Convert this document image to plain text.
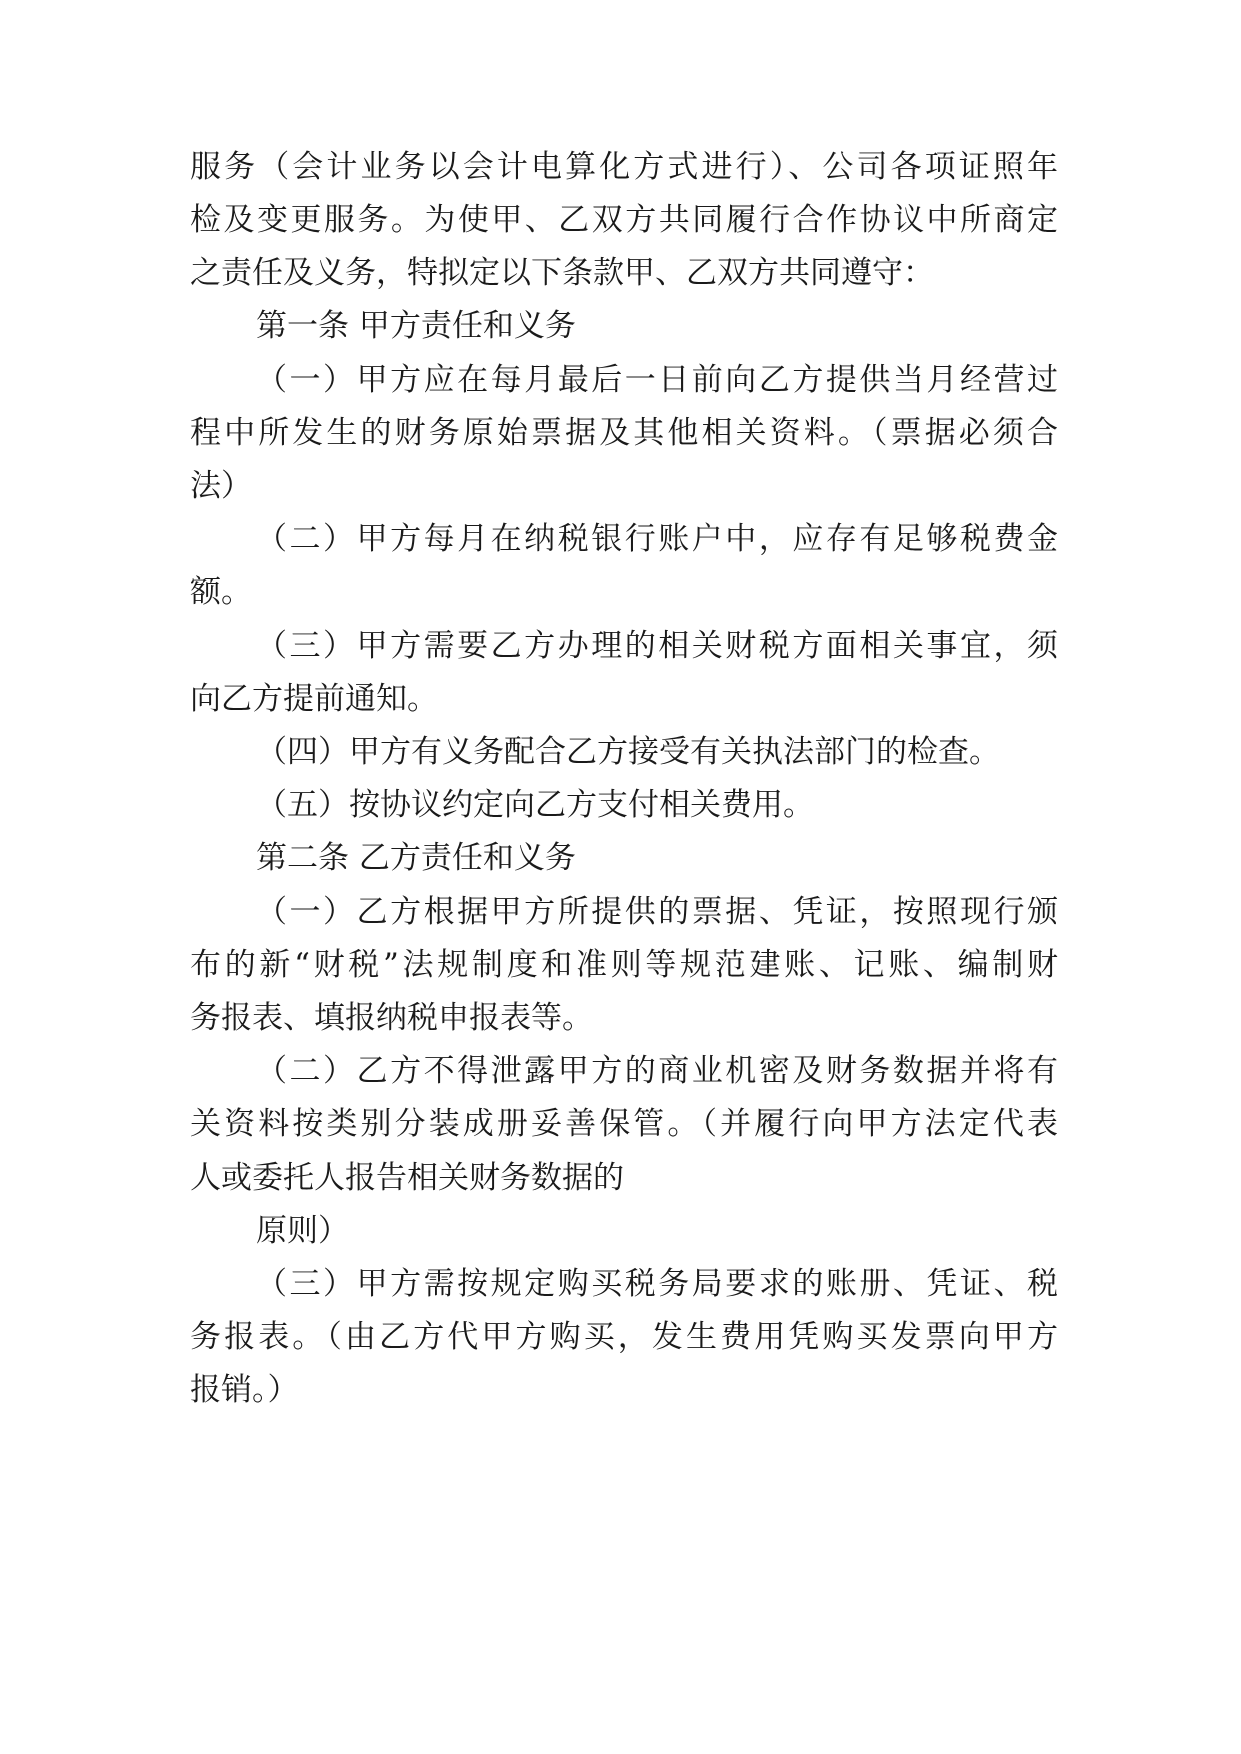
服务（会计业务以会计电算化方式进行）、公司各项证照年

检及变更服务。为使甲、乙双方共同履行合作协议中所商定

之责任及义务，特拟定以下条款甲、乙双方共同遵守：

第一条 甲方责任和义务

（一）甲方应在每月最后一日前向乙方提供当月经营过

程中所发生的财务原始票据及其他相关资料。（票据必须合

法）

（二）甲方每月在纳税银行账户中，应存有足够税费金

额。

（三）甲方需要乙方办理的相关财税方面相关事宜，须

向乙方提前通知。

（四）甲方有义务配合乙方接受有关执法部门的检查。

（五）按协议约定向乙方支付相关费用。

第二条 乙方责任和义务

（一）乙方根据甲方所提供的票据、凭证，按照现行颁

布的新“财税”法规制度和准则等规范建账、记账、编制财

务报表、填报纳税申报表等。

（二）乙方不得泄露甲方的商业机密及财务数据并将有

关资料按类别分装成册妥善保管。（并履行向甲方法定代表

人或委托人报告相关财务数据的

原则）

（三）甲方需按规定购买税务局要求的账册、凭证、税

务报表。（由乙方代甲方购买，发生费用凭购买发票向甲方

报销。）
